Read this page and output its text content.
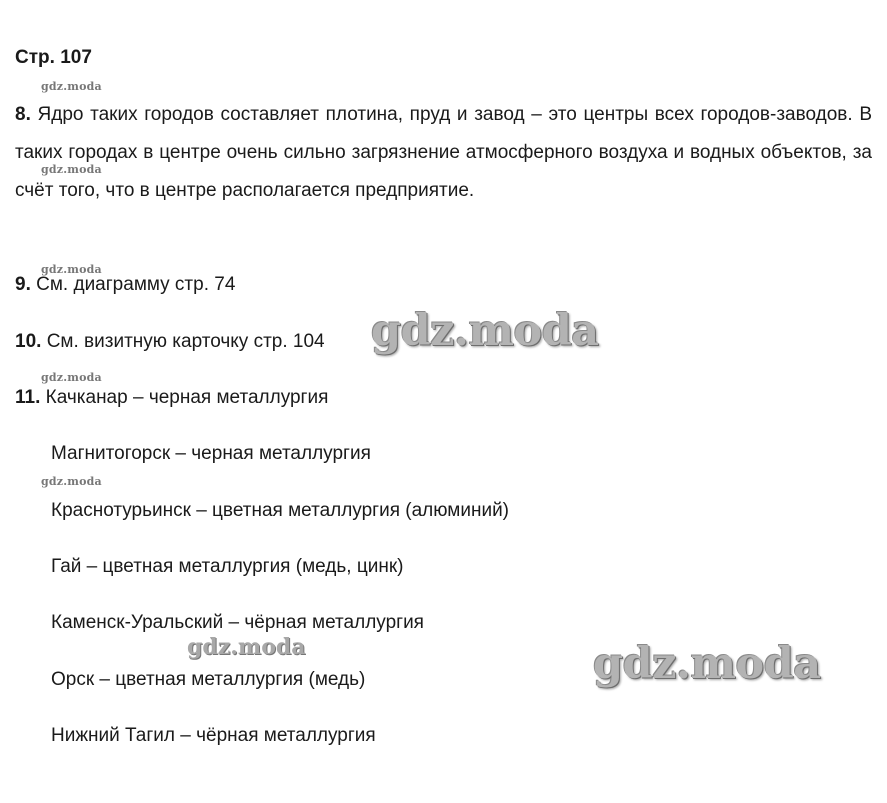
Стр. 107
gdz.moda
gdz.moda
gdz.moda
gdz.moda
gdz.moda

8. Ядро таких городов составляет плотина, пруд и завод – это центры всех городов-заводов. В таких городах в центре очень сильно загрязнение атмосферного воздуха и водных объектов, за счёт того, что в центре располагается предприятие.

9. См. диаграмму стр. 74

10. См. визитную карточку стр. 104

11. Качканар – черная металлургия

Магнитогорск – черная металлургия

Краснотурьинск – цветная металлургия (алюминий)

Гай – цветная металлургия (медь, цинк)

Каменск-Уральский – чёрная металлургия

Орск – цветная металлургия (медь)

Нижний Тагил – чёрная металлургия

gdz.moda
gdz.moda	gdz.moda
